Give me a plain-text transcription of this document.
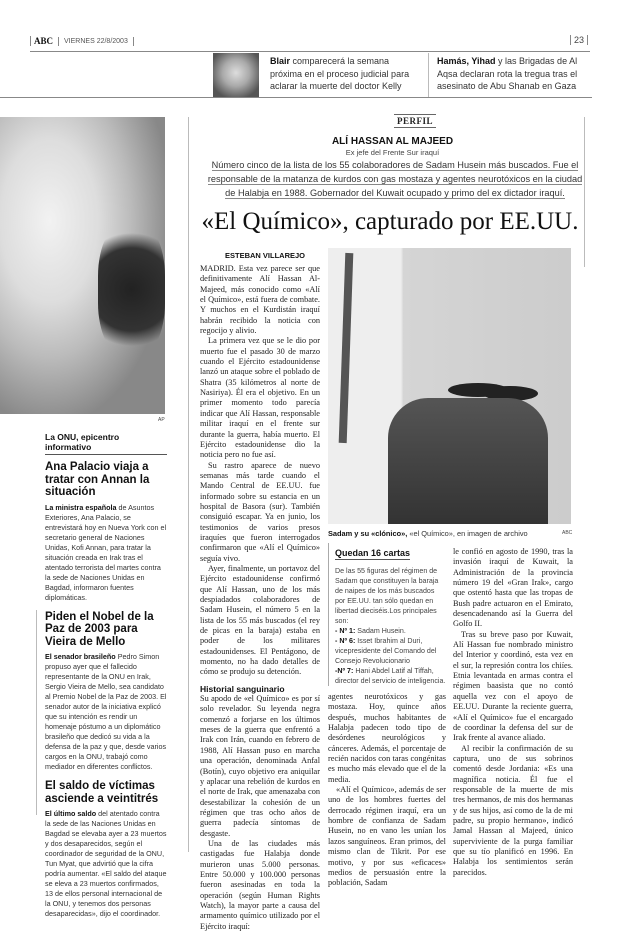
ABC VIERNES 22/8/2003	23
Blair comparecerá la semana próxima en el proceso judicial para aclarar la muerte del doctor Kelly
Hamás, Yihad y las Brigadas de Al Aqsa declaran rota la tregua tras el asesinato de Abu Shanab en Gaza
AP
La ONU, epicentro informativo
Ana Palacio viaja a tratar con Annan la situación
La ministra española de Asuntos Exteriores, Ana Palacio, se entrevistará hoy en Nueva York con el secretario general de Naciones Unidas, Kofi Annan, para tratar la situación creada en Irak tras el atentado terrorista del martes contra la sede de Naciones Unidas en Bagdad, informaron fuentes diplomáticas.
Piden el Nobel de la Paz de 2003 para Vieira de Mello
El senador brasileño Pedro Simon propuso ayer que el fallecido representante de la ONU en Irak, Sergio Vieira de Mello, sea candidato al Premio Nobel de la Paz de 2003. El senador autor de la iniciativa explicó que su intención es rendir un homenaje póstumo a un diplomático brasileño que dedicó su vida a la defensa de la paz y que, desde varios cargos en la ONU, trabajó como mediador en diferentes conflictos.
El saldo de víctimas asciende a veintitrés
El último saldo del atentado contra la sede de las Naciones Unidas en Bagdad se elevaba ayer a 23 muertos y dos desaparecidos, según el coordinador de seguridad de la ONU, Tun Myat, que advirtió que la cifra podría aumentar. «El saldo del ataque se eleva a 23 muertos confirmados, 13 de ellos personal internacional de la ONU, y tenemos dos personas desaparecidas», dijo el coordinador.
PERFIL
ALÍ HASSAN AL MAJEED
Ex jefe del Frente Sur iraquí
Número cinco de la lista de los 55 colaboradores de Sadam Husein más buscados. Fue el responsable de la matanza de kurdos con gas mostaza y agentes neurotóxicos en la ciudad de Halabja en 1988. Gobernador del Kuwait ocupado y primo del ex dictador iraquí.
«El Químico», capturado por EE.UU.
ESTEBAN VILLAREJO

MADRID. Esta vez parece ser que definitivamente Alí Hassan Al-Majeed, más conocido como «Alí el Químico», está fuera de combate. Y muchos en el Kurdistán iraquí habrán recibido la noticia con regocijo y alivio.

La primera vez que se le dio por muerto fue el pasado 30 de marzo cuando el Ejército estadounidense lanzó un ataque sobre el poblado de Shatra (35 kilómetros al norte de Nasiriya). Él era el objetivo. En un primer momento todo parecía indicar que Alí Hassan, responsable militar iraquí en el frente sur durante la guerra, había muerto. El Ejército estadounidense dio la noticia pero no fue así.

Su rastro aparece de nuevo semanas más tarde cuando el Mando Central de EE.UU. fue informado sobre su estancia en un hospital de Basora (sur). También consiguió escapar. Ya en junio, los testimonios de varios presos iraquíes que fueron interrogados confirmaron que «Alí el Químico» seguía vivo.

Ayer, finalmente, un portavoz del Ejército estadounidense confirmó que Alí Hassan, uno de los más despiadados colaboradores de Sadam Husein, el número 5 en la lista de los 55 más buscados (el rey de picas en la baraja) estaba en poder de los militares estadounidenses. El Pentágono, de momento, no ha dado detalles de cómo se produjo su detención.

Historial sanguinario

Su apodo de «el Químico» es por sí solo revelador. Su leyenda negra comenzó a forjarse en los últimos meses de la guerra que enfrentó a Irak con Irán, cuando en febrero de 1988, Alí Hassan puso en marcha una operación, denominada Anfal (Botín), cuyo objetivo era aniquilar y aplacar una rebelión de kurdos en el norte de Irak, que amenazaba con desestabilizar la cohesión de un régimen que tras ocho años de guerra padecía síntomas de desgaste.

Una de las ciudades más castigadas fue Halabja donde murieron unas 5.000 personas. Entre 50.000 y 100.000 personas fueron asesinadas en toda la operación (según Human Rights Watch), la mayor parte a causa del armamento químico utilizado por el Ejército iraquí:

Sadam y su «clónico», «el Químico», en imagen de archivo	ABC
Quedan 16 cartas

De las 55 figuras del régimen de Sadam que constituyen la baraja de naipes de los más buscados por EE.UU. tan sólo quedan en libertad dieciséis.Los principales son:

- Nº 1: Sadam Husein.

- Nº 6: Isset Ibrahim al Duri, vicepresidente del Comando del Consejo Revolucionario

-Nº 7: Hani Abdel Latif al Tiffah, director del servicio de inteligencia.

agentes neurotóxicos y gas mostaza. Hoy, quince años después, muchos habitantes de Halabja padecen todo tipo de desórdenes neurológicos y cánceres. Además, el porcentaje de recién nacidos con taras congénitas es mucho más elevado que el de la media.

«Alí el Químico», además de ser uno de los hombres fuertes del derrocado régimen iraquí, era un hombre de confianza de Sadam Husein, no en vano les unían los lazos sanguíneos. Eran primos, del mismo clan de Tikrit. Por ese motivo, y por sus «eficaces» medios de persuasión entre la población, Sadam

le confió en agosto de 1990, tras la invasión iraquí de Kuwait, la Administración de la provincia número 19 del «Gran Irak», cargo que ostentó hasta que las tropas de Bush padre actuaron en el Emirato, desencadenando así la Guerra del Golfo II.

Tras su breve paso por Kuwait, Alí Hassan fue nombrado ministro del Interior y coordinó, esta vez en el sur, la represión contra los chiíes. Etnia levantada en armas contra el régimen baasista que no contó aquella vez con el apoyo de EE.UU. Durante la reciente guerra, «Alí el Químico» fue el encargado de coordinar la defensa del sur de Irak frente al avance aliado.

Al recibir la confirmación de su captura, uno de sus sobrinos comentó desde Jordania: «Es una magnífica noticia. Él fue el responsable de la muerte de mis tres hermanos, de mis dos hermanas y de sus hijos, así como de la de mi padre, su propio hermano», indicó Jamal Hassan al Majeed, único superviviente de la purga familiar que su tío planificó en 1996. En Halabja los sentimientos serán parecidos.
